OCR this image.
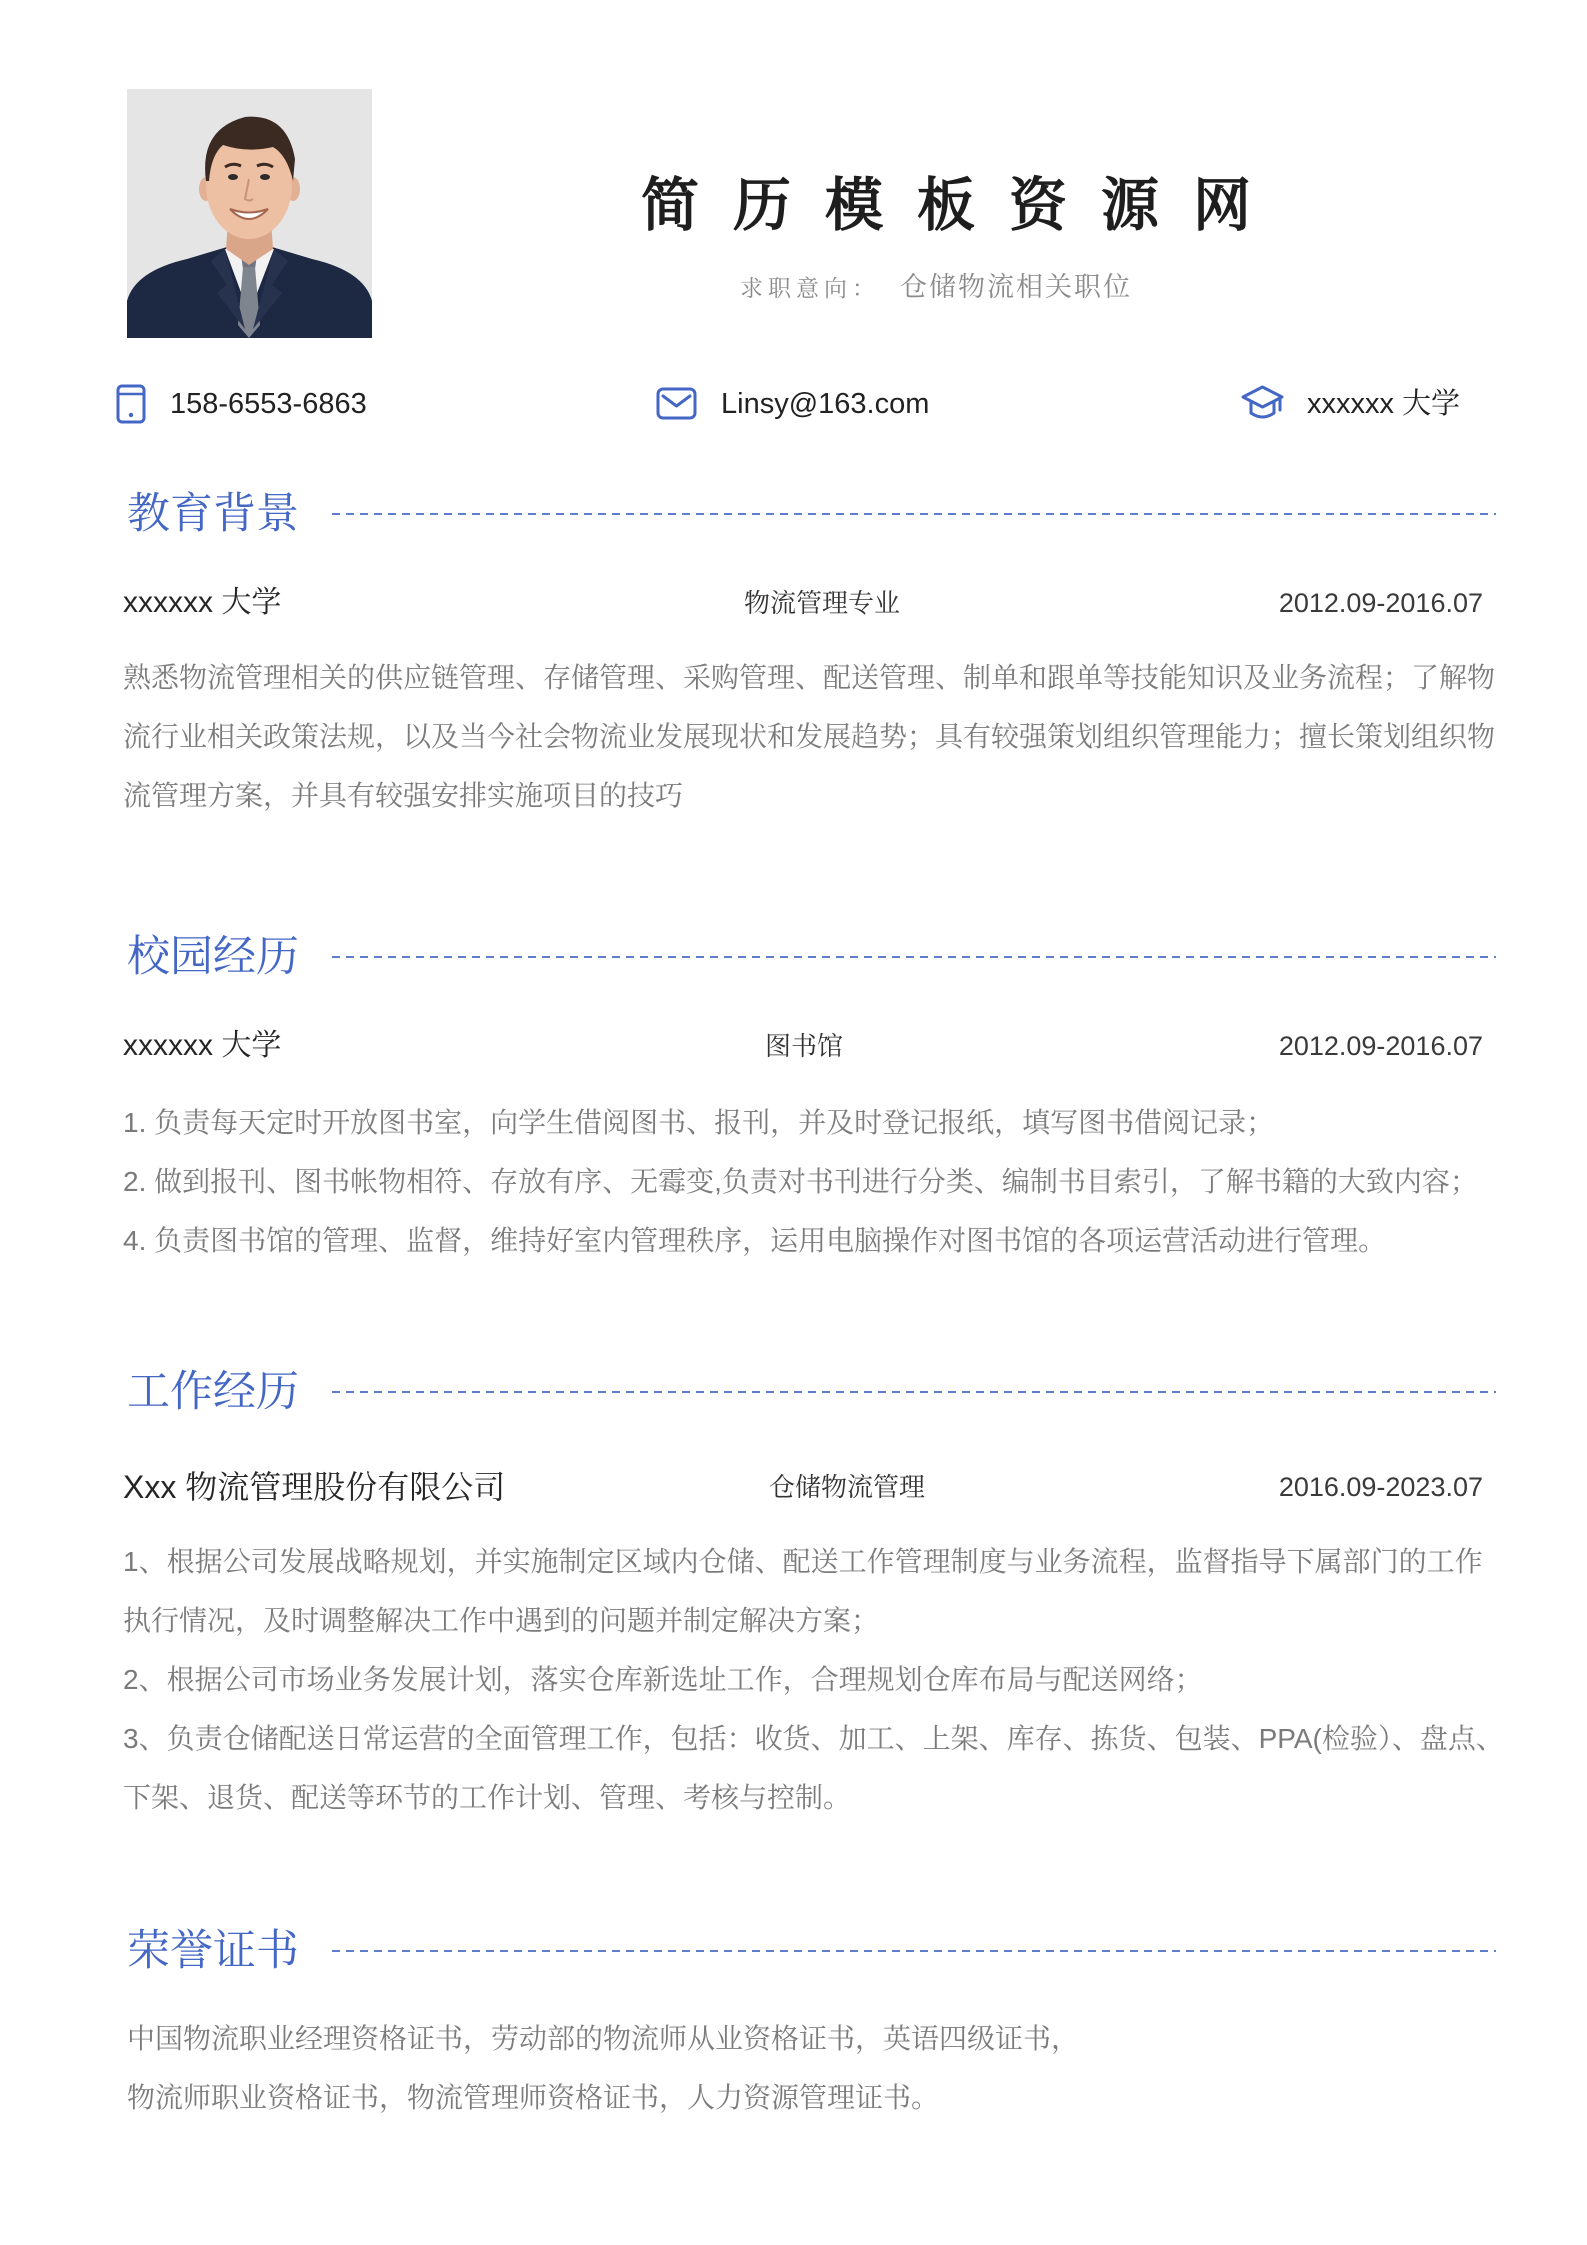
简历模板资源网
求职意向： 仓储物流相关职位
158-6553-6863	Linsy@163.com	xxxxxx 大学
教育背景
xxxxxx 大学	物流管理专业	2012.09-2016.07
熟悉物流管理相关的供应链管理、存储管理、采购管理、配送管理、制单和跟单等技能知识及业务流程；了解物
流行业相关政策法规，以及当今社会物流业发展现状和发展趋势；具有较强策划组织管理能力；擅长策划组织物
流管理方案，并具有较强安排实施项目的技巧
校园经历
xxxxxx 大学	图书馆	2012.09-2016.07
1. 负责每天定时开放图书室，向学生借阅图书、报刊，并及时登记报纸，填写图书借阅记录；
2. 做到报刊、图书帐物相符、存放有序、无霉变,负责对书刊进行分类、编制书目索引，了解书籍的大致内容；
4. 负责图书馆的管理、监督，维持好室内管理秩序，运用电脑操作对图书馆的各项运营活动进行管理。
工作经历
Xxx 物流管理股份有限公司	仓储物流管理	2016.09-2023.07
1、根据公司发展战略规划，并实施制定区域内仓储、配送工作管理制度与业务流程，监督指导下属部门的工作
执行情况，及时调整解决工作中遇到的问题并制定解决方案；
2、根据公司市场业务发展计划，落实仓库新选址工作，合理规划仓库布局与配送网络；
3、负责仓储配送日常运营的全面管理工作，包括：收货、加工、上架、库存、拣货、包装、PPA(检验）、盘点、
下架、退货、配送等环节的工作计划、管理、考核与控制。
荣誉证书
中国物流职业经理资格证书，劳动部的物流师从业资格证书，英语四级证书，
物流师职业资格证书，物流管理师资格证书，人力资源管理证书。
